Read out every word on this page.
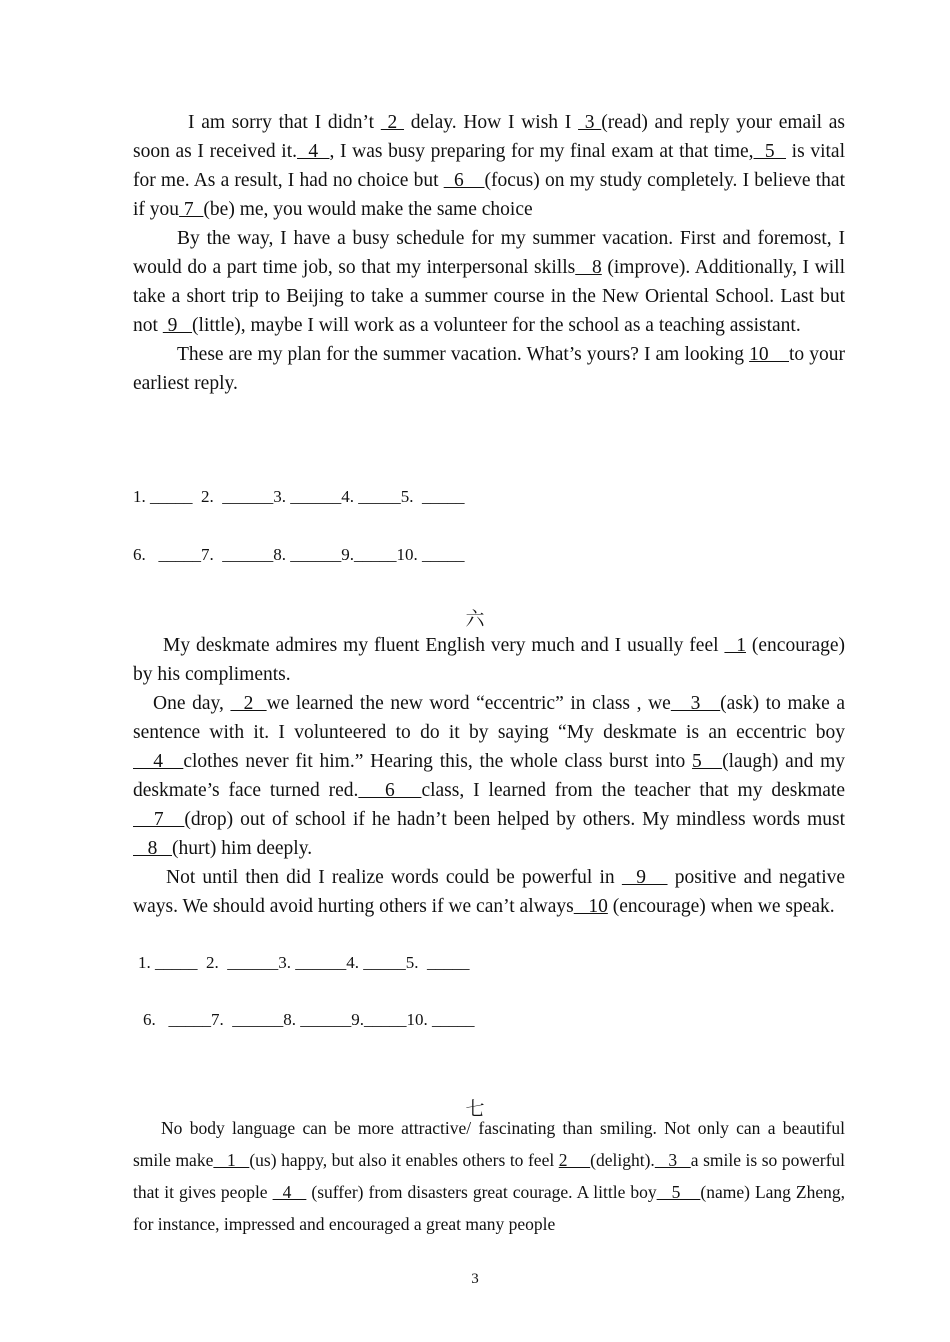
I am sorry that I didn’t  2  delay. How I wish I  3 (read) and reply your email as soon as I received it.  4  , I was busy preparing for my final exam at that time,  5   is vital for me. As a result, I had no choice but   6    (focus) on my study completely. I believe that if you 7  (be) me, you would make the same choice

By the way, I have a busy schedule for my summer vacation. First and foremost, I would do a part time job, so that my interpersonal skills   8 (improve). Additionally, I will take a short trip to Beijing to take a summer course in the New Oriental School. Last but not  9   (little), maybe I will work as a volunteer for the school as a teaching assistant.

These are my plan for the summer vacation. What’s yours? I am looking 10    to your earliest reply.

1. _____  2.  ______3. ______4. _____5.  _____
6.   _____7.  ______8. ______9._____10. _____
六

My deskmate admires my fluent English very much and I usually feel   1 (encourage) by his compliments.

One day,   2  we learned the new word “eccentric” in class , we   3   (ask) to make a sentence with it. I volunteered to do it by saying “My deskmate is an eccentric boy   4   clothes never fit him.” Hearing this, the whole class burst into 5   (laugh) and my deskmate’s face turned red.   6   class, I learned from the teacher that my deskmate   7   (drop) out of school if he hadn’t been helped by others. My mindless words must   8   (hurt) him deeply.

Not until then did I realize words could be powerful in   9    positive and negative ways. We should avoid hurting others if we can’t always   10 (encourage) when we speak.

1. _____  2.  ______3. ______4. _____5.  _____
6.   _____7.  ______8. ______9._____10. _____
七

No body language can be more attractive/ fascinating than smiling. Not only can a beautiful smile make   1   (us) happy, but also it enables others to feel 2     (delight).   3   a smile is so powerful that it gives people   4    (suffer) from disasters great courage. A little boy   5    (name) Lang Zheng, for instance, impressed and encouraged a great many people

3
